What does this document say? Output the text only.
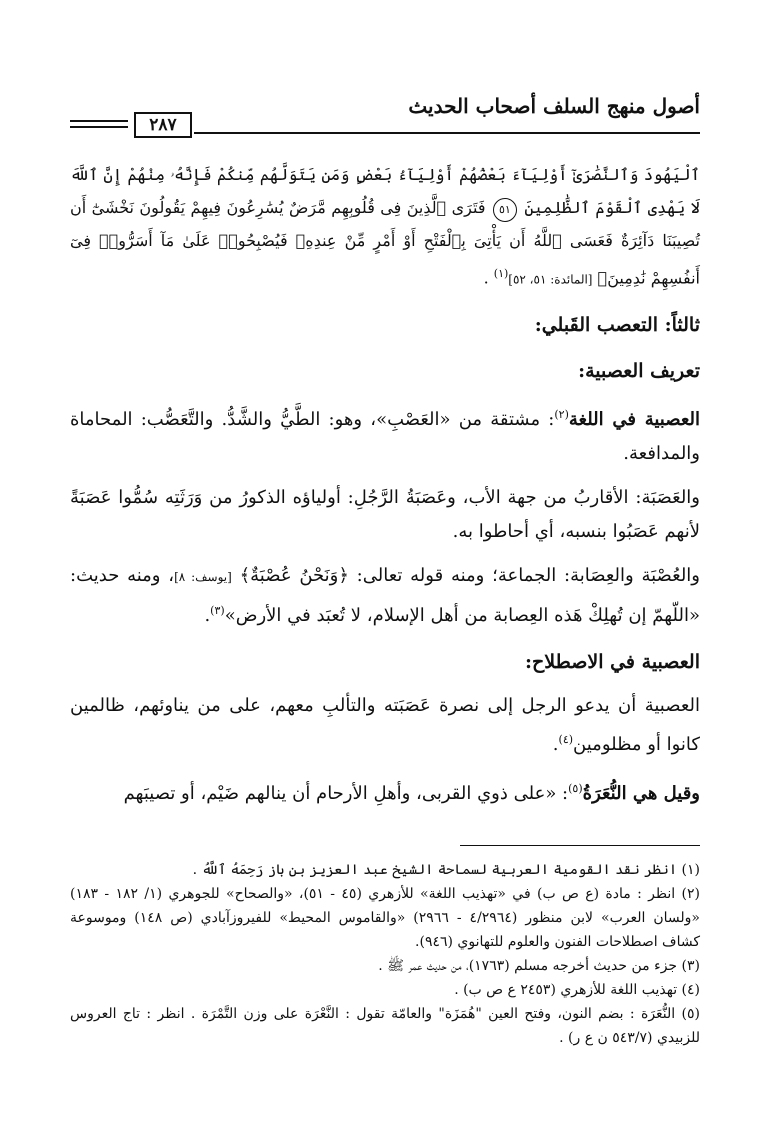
أصول منهج السلف أصحاب الحديث
٢٨٧

ٱلْيَهُودَ وَٱلنَّصَٰرَىٰٓ أَوْلِيَآءَ بَعْضُهُمْ أَوْلِيَآءُ بَعْضٍ وَمَن يَتَوَلَّهُم مِّنكُمْ فَإِنَّهُۥ مِنْهُمْ إِنَّ ٱللَّهَ لَا يَهْدِى ٱلْقَوْمَ ٱلظَّٰلِمِينَ ٥١ فَتَرَى ٱلَّذِينَ فِى قُلُوبِهِم مَّرَضٌ يُسَٰرِعُونَ فِيهِمْ يَقُولُونَ نَخْشَىٰٓ أَن تُصِيبَنَا دَآئِرَةٌ فَعَسَى ٱللَّهُ أَن يَأْتِىَ بِٱلْفَتْحِ أَوْ أَمْرٍ مِّنْ عِندِهِۦ فَيُصْبِحُوا۟ عَلَىٰ مَآ أَسَرُّوا۟ فِىٓ أَنفُسِهِمْ نَٰدِمِينَ﴾ [المائدة: ٥١، ٥٢]$^{(١)}$ .

ثالثاً: التعصب القَبلي:

تعريف العصبية:

العصبية في اللغة$^{(٢)}$: مشتقة من «العَصْبِ»، وهو: الطَّيُّ والشَّدُّ. والتَّعَصُّب: المحاماة والمدافعة.

والعَصَبَة: الأقاربُ من جهة الأب، وعَصَبَةُ الرَّجُلِ: أولياؤه الذكورُ من وَرَثَتِه سُمُّوا عَصَبَةً لأنهم عَصَبُوا بنسبه، أي أحاطوا به.

والعُصْبَة والعِصَابة: الجماعة؛ ومنه قوله تعالى: ﴿وَنَحْنُ عُصْبَةٌ﴾ [يوسف: ٨]، ومنه حديث: «اللّهمّ إن تُهلِكْ هَذه العِصابة من أهل الإسلام، لا تُعبَد في الأرض»$^{(٣)}$.

العصبية في الاصطلاح:

العصبية أن يدعو الرجل إلى نصرة عَصَبَته والتألبِ معهم، على من يناوئهم، ظالمين كانوا أو مظلومين$^{(٤)}$.

وقيل هي النُّعَرَةُ$^{(٥)}$: «على ذوي القربى، وأهلِ الأرحام أن ينالهم ضَيْم، أو تصيبَهم

(١) انظر نقد القومية العربية لسماحة الشيخ عبد العزيز بن باز رَحِمَهُ ٱللَّهُ .

(٢) انظر : مادة (ع ص ب) في «تهذيب اللغة» للأزهري (٤٥ - ٥١)، «والصحاح» للجوهري (١/ ١٨٢ - ١٨٣) «ولسان العرب» لابن منظور (٤/٢٩٦٤ - ٢٩٦٦) «والقاموس المحيط» للفيروزآبادي (ص ١٤٨) وموسوعة كشاف اصطلاحات الفنون والعلوم للتهانوي (٩٤٦).

(٣) جزء من حديث أخرجه مسلم (١٧٦٣)، من حديث عمر ﷺ .

(٤) تهذيب اللغة للأزهري (٢٤٥٣ ع ص ب) .

(٥) النُّعَرَة : بضم النون، وفتح العين "هُمَزَة" والعامّة تقول : النَّعْرَة على وزن التَّمْرَة . انظر : تاج العروس للزبيدي (٥٤٣/٧ ن ع ر) .
